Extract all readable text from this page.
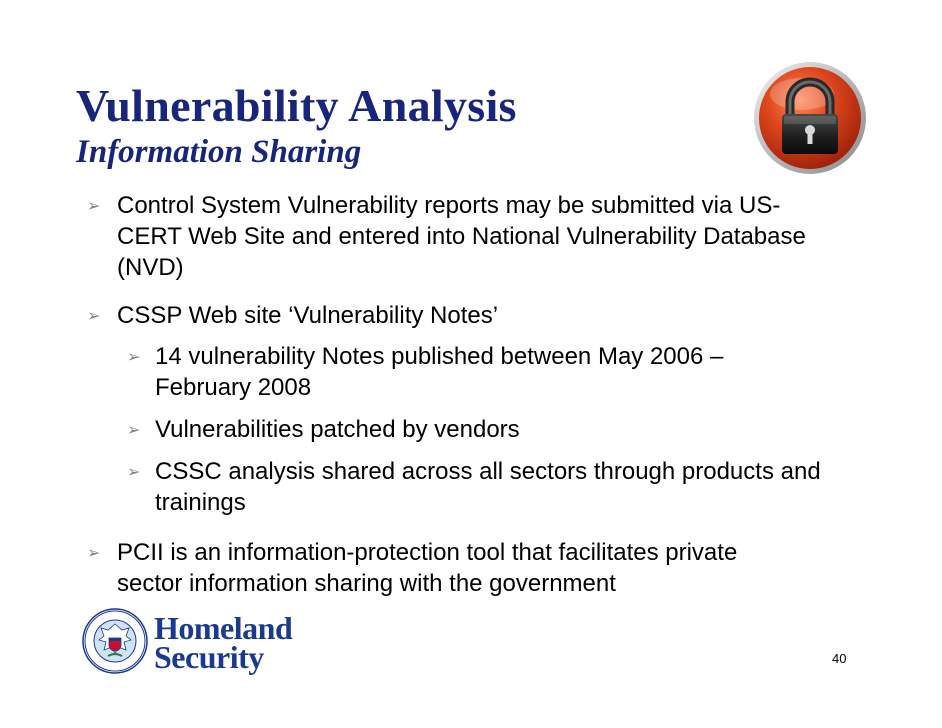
Vulnerability Analysis
Information Sharing
➢ Control System Vulnerability reports may be submitted via US-CERT Web Site and entered into National Vulnerability Database (NVD)
➢ CSSP Web site ‘Vulnerability Notes’
➢ 14 vulnerability Notes published between May 2006 – February 2008
➢ Vulnerabilities patched by vendors
➢ CSSC analysis shared across all sectors through products and trainings
➢ PCII is an information-protection tool that facilitates private sector information sharing with the government
Homeland
Security	40
